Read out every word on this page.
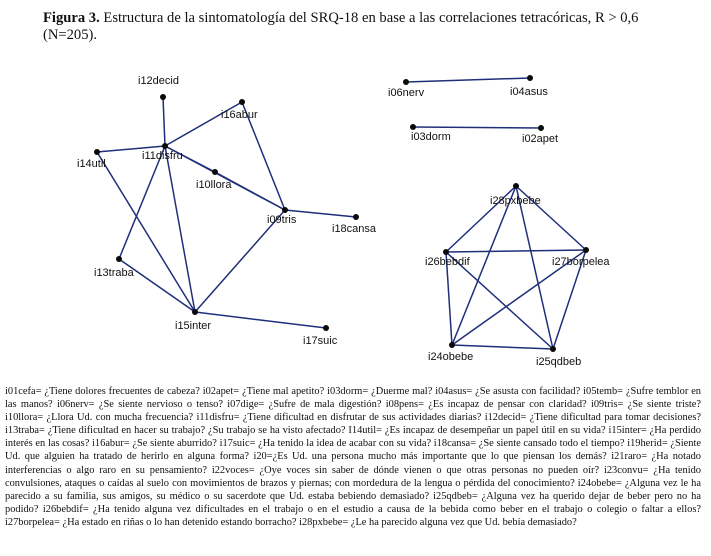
Figura 3. Estructura de la sintomatología del SRQ-18 en base a las correlaciones tetracóricas, R > 0,6 (N=205).
i12decid
i16abur
i11disfru
i14util
i10llora
i09tris
i18cansa
i13traba
i15inter
i17suic
i06nerv	i04asus
i03dorm	i02apet
i28pxbebe
i26bebdif	i27borpelea
i24obebe	i25qdbeb
i01cefa= ¿Tiene dolores frecuentes de cabeza? i02apet= ¿Tiene mal apetito? i03dorm= ¿Duerme mal? i04asus= ¿Se asusta con facilidad? i05temb= ¿Sufre temblor en las manos? i06nerv= ¿Se siente nervioso o tenso? i07dige= ¿Sufre de mala digestión? i08pens= ¿Es incapaz de pensar con claridad? i09tris= ¿Se siente triste? i10llora= ¿Llora Ud. con mucha frecuencia? i11disfru= ¿Tiene dificultad en disfrutar de sus actividades diarias? i12decid= ¿Tiene dificultad para tomar decisiones? i13traba= ¿Tiene dificultad en hacer su trabajo? ¿Su trabajo se ha visto afectado? I14util= ¿Es incapaz de desempeñar un papel útil en su vida? i15inter= ¿Ha perdido interés en las cosas? i16abur= ¿Se siente aburrido? i17suic= ¿Ha tenido la idea de acabar con su vida? i18cansa= ¿Se siente cansado todo el tiempo? i19herid= ¿Siente Ud. que alguien ha tratado de herirlo en alguna forma? i20=¿Es Ud. una persona mucho más importante que lo que piensan los demás? i21raro= ¿Ha notado interferencias o algo raro en su pensamiento? i22voces= ¿Oye voces sin saber de dónde vienen o que otras personas no pueden oír? i23convu= ¿Ha tenido convulsiones, ataques o caídas al suelo con movimientos de brazos y piernas; con mordedura de la lengua o pérdida del conocimiento? i24obebe= ¿Alguna vez le ha parecido a su familia, sus amigos, su médico o su sacerdote que Ud. estaba bebiendo demasiado? i25qdbeb= ¿Alguna vez ha querido dejar de beber pero no ha podido? i26bebdif= ¿Ha tenido alguna vez dificultades en el trabajo o en el estudio a causa de la bebida como beber en el trabajo o colegio o faltar a ellos? i27borpelea= ¿Ha estado en riñas o lo han detenido estando borracho? i28pxbebe= ¿Le ha parecido alguna vez que Ud. bebía demasiado?
